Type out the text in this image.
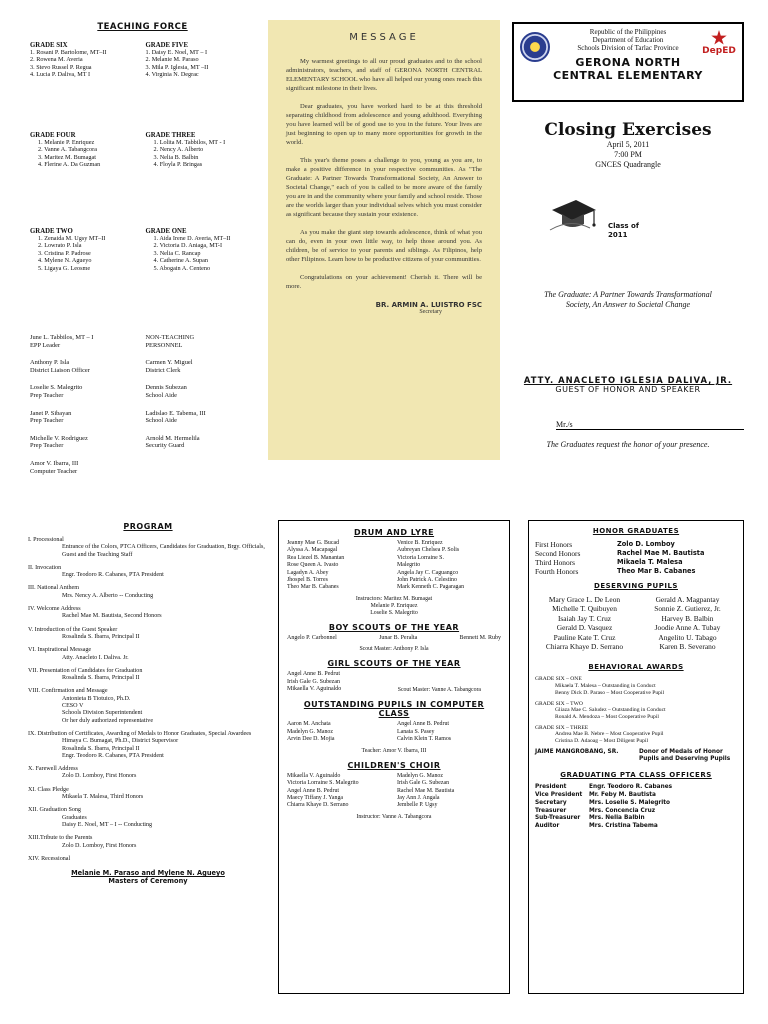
TEACHING FORCE
GRADE SIX
1. Rosani P. Bartolome, MT–II
2. Rowena M. Averia
3. Stevo Russel P. Regua
4. Lucia P. Daliva, MT I
GRADE FOUR
1. Melanie P. Enriquez
2. Vanne A. Tabangcora
3. Maritez M. Bumagat
4. Flerine A. Da Guzman
GRADE TWO
1. Zenaida M. Ugsy MT–II
2. Lowrato P. Isla
3. Cristina P. Padrose
4. Mylene N. Agueyo
5. Ligaya G. Leosme
June L. Tabbilos, MT – I
EPP Leader
Anthony P. Isla
District Liaison Officer
Loselie S. Malegrito
Prep Teacher
Janet P. Sibayan
Prep Teacher
Michelle V. Rodriguez
Prep Teacher
Amor V. Ibarra, III
Computer Teacher
GRADE FIVE
1. Daisy E. Noel, MT – I
2. Melanie M. Paraso
3. Mila P. Iglesia, MT –II
4. Virginia N. Degrac
GRADE THREE
1. Lolita M. Tabbilos, MT - I
2. Nency A. Alberto
3. Nelia B. Balbin
4. Floyla P. Bringas
GRADE ONE
1. Aida Irene D. Averia, MT–II
2. Victoria D. Aniaga, MT-I
3. Nelia C. Rancap
4. Catherine A. Supan
5. Abogain A. Centeno
NON-TEACHING
PERSONNEL
Carmen Y. Miguel
District Clerk
Dennis Subezan
School Aide
Ladislao E. Tabema, III
School Aide
Arnold M. Hermelila
Security Guard
MESSAGE

My warmest greetings to all our proud graduates and to the school administrators, teachers, and staff of GERONA NORTH CENTRAL ELEMENTARY SCHOOL who have all helped our young ones reach this significant milestone in their lives.

Dear graduates, you have worked hard to be at this threshold separating childhood from adolescence and young adulthood. Everything you have learned will be of good use to you in the future. Your lives are just beginning to open up to many more opportunities for growth in the world.

This year's theme poses a challenge to you, young as you are, to make a positive difference in your respective communities. As "The Graduate: A Partner Towards Transformational Society, An Answer to Societal Change," each of you is called to be more aware of the family you are in and the community where your family and school reside. Those are the worlds larger than your individual selves which you must consider as significant because they sustain your existence.

As you make the giant step towards adolescence, think of what you can do, even in your own little way, to help those around you. As children, be of service to your parents and siblings. As Filipinos, help other Filipinos. Learn how to be productive citizens of your communities.

Congratulations on your achievement! Cherish it. There will be more.

BR. ARMIN A. LUISTRO FSC
Secretary
DepED
Republic of the Philippines
Department of Education
Schools Division of Tarlac Province
GERONA NORTH
CENTRAL ELEMENTARY
Closing Exercises
April 5, 2011
7:00 PM
GNCES Quadrangle
Class of
2011
The Graduate: A Partner Towards Transformational Society, An Answer to Societal Change
ATTY. ANACLETO IGLESIA DALIVA, JR.
GUEST OF HONOR AND SPEAKER
Mr./s
The Graduates request the honor of your presence.
PROGRAM
I. Processional
Entrance of the Colors, PTCA Officers, Candidates for Graduation, Brgy. Officials, Guest and the Teaching Staff
II. Invocation
Engr. Teodoro R. Cabanes, PTA President
III. National Anthem
Mrs. Nency A. Alberto -- Conducting
IV. Welcome Address
Rachel Mae M. Bautista, Second Honors
V. Introduction of the Guest Speaker
Rosalinda S. Ibarra, Principal II
VI. Inspirational Message
Atty. Anacleto I. Daliva. Jr.
VII. Presentation of Candidates for Graduation
Rosalinda S. Ibarra, Principal II
VIII. Confirmation and Message
Antonieta B Tiotuico, Ph.D.
CESO V
Schools Division Superintendent
Or her duly authorized representative
IX. Distribution of Certificates, Awarding of Medals to Honor Graduates, Special Awardees
Himaya C. Bumagat, Ph.D., District Supervisor
Rosalinda S. Ibarra, Principal II
Engr. Teodoro R. Cabanes, PTA President
X. Farewell Address
Zolo D. Lomboy, First Honors
XI. Class Pledge
Mikaela T. Malesa, Third Honors
XII. Graduation Song
Graduates
Daisy E. Noel, MT – I -- Conducting
XIII.Tribute to the Parents
Zolo D. Lomboy, First Honors
XIV. Recessional
Melanie M. Paraso and Mylene N. Agueyo
Masters of Ceremony
DRUM AND LYRE
Jeanny Mae G. Bucad	Venice B. Enriquez
Alyssa A. Macapagal	Aubreyan Chelsea P. Solis
Rea Liezel B. Manantan	Victoria Lorraine S.
Rose Queen A. Ivasto	Malegrito
Lagadyn A. Abey	Angela Jay C. Caguangco
Jhospel B. Torres	John Patrick A. Celestino
Theo Mar B. Cabanes	Mark Kenneth C. Pagaragan
Instructors: Maritez M. Bumagat
Melanie P. Enriquez
Loselie S. Malegrito
BOY SCOUTS OF THE YEAR
Angelo P. Carbonnel	Junar B. Peralta	Bennett M. Ruby
Scout Master: Anthony P. Isla
GIRL SCOUTS OF THE YEAR
Angel Anne B. Pedrut
Irish Gale G. Subezan
Mikaella V. Aguinaldo	Scout Master: Vanne A. Tabangcora
OUTSTANDING PUPILS IN COMPUTER CLASS
Aaron M. Anchata	Angel Anne B. Pedrut
Madelyn G. Manoz	Lanata S. Pasey
Arvin Dee D. Mojia	Calvin Klein T. Ramos
Teacher: Amor V. Ibarra, III
CHILDREN'S CHOIR
Mikaella V. Aguinaldo	Madelyn G. Manoz
Victoria Lorraine S. Malegrito	Irish Gale G. Subezan
Angel Anne B. Pedrut	Rachel Mae M. Bautista
Maecy Tiffany J. Yanga	Jay Ann J. Angala
Chiarra Khaye D. Serrano	Jembelle P. Ugsy
Instructor: Vanne A. Tabangcora
HONOR GRADUATES
First Honors	Zolo D. Lomboy
Second Honors	Rachel Mae M. Bautista
Third Honors	Mikaela T. Malesa
Fourth Honors	Theo Mar B. Cabanes
DESERVING PUPILS
Mary Grace L. De Leon	Gerald A. Magpantay
Michelle T. Quibuyen	Sonnie Z. Gutierez, Jr.
Isaiah Jay T. Cruz	Harvey B. Balbin
Gerald D. Vasquez	Joodie Anne A. Tubay
Pauline Kate T. Cruz	Angelito U. Tabago
Chiarra Khaye D. Serrano	Karen B. Severano
BEHAVIORAL AWARDS
GRADE SIX – ONE
Mikaela T. Malesa – Outstanding in Conduct
Benny Dick D. Paraso – Most Cooperative Pupil
GRADE SIX – TWO
Gliaza Mae C. Saludez – Outstanding in Conduct
Ronald A. Mendoza – Most Cooperative Pupil
GRADE SIX – THREE
Andrea Mae B. Nebre – Most Cooperative Pupil
Cristina D. Adaoag – Most Diligent Pupil
JAIME MANGROBANG, SR.	Donor of Medals of Honor Pupils and Deserving Pupils
GRADUATING PTA CLASS OFFICERS
President	Engr. Teodoro R. Cabanes
Vice President	Mr. Feby M. Bautista
Secretary	Mrs. Loselie S. Malegrito
Treasurer	Mrs. Concencia Cruz
Sub-Treasurer	Mrs. Nelia Balbin
Auditor	Mrs. Cristina Tabema
